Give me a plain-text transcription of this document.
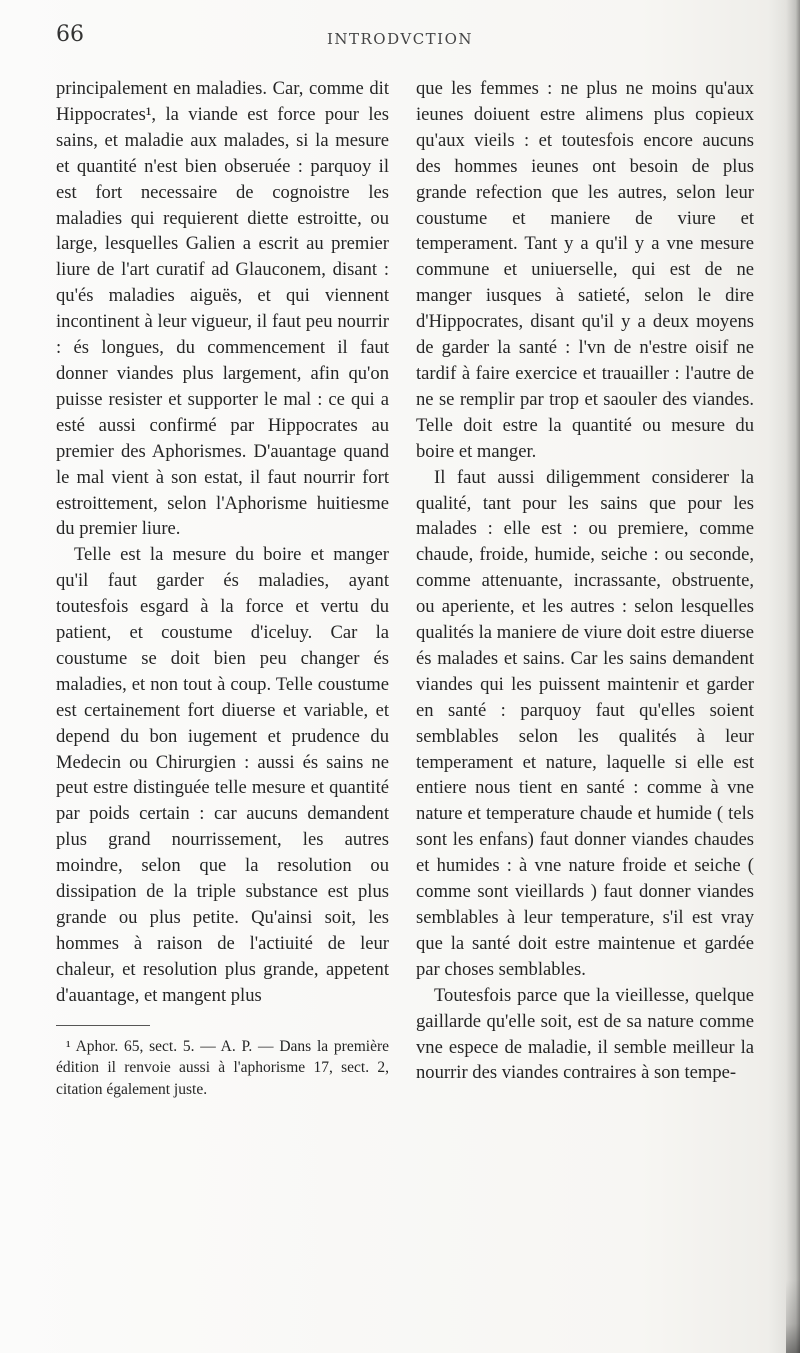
66	INTRODVCTION

principalement en maladies. Car, comme dit Hippocrates¹, la viande est force pour les sains, et maladie aux malades, si la mesure et quantité n'est bien obseruée : parquoy il est fort necessaire de cognoistre les maladies qui requierent diette estroitte, ou large, lesquelles Galien a escrit au premier liure de l'art curatif ad Glauconem, disant : qu'és maladies aiguës, et qui viennent incontinent à leur vigueur, il faut peu nourrir : és longues, du commencement il faut donner viandes plus largement, afin qu'on puisse resister et supporter le mal : ce qui a esté aussi confirmé par Hippocrates au premier des Aphorismes. D'auantage quand le mal vient à son estat, il faut nourrir fort estroittement, selon l'Aphorisme huitiesme du premier liure.

Telle est la mesure du boire et manger qu'il faut garder és maladies, ayant toutesfois esgard à la force et vertu du patient, et coustume d'iceluy. Car la coustume se doit bien peu changer és maladies, et non tout à coup. Telle coustume est certainement fort diuerse et variable, et depend du bon iugement et prudence du Medecin ou Chirurgien : aussi és sains ne peut estre distinguée telle mesure et quantité par poids certain : car aucuns demandent plus grand nourrissement, les autres moindre, selon que la resolution ou dissipation de la triple substance est plus grande ou plus petite. Qu'ainsi soit, les hommes à raison de l'actiuité de leur chaleur, et resolution plus grande, appetent d'auantage, et mangent plus

¹ Aphor. 65, sect. 5. — A. P. — Dans la première édition il renvoie aussi à l'aphorisme 17, sect. 2, citation également juste.

que les femmes : ne plus ne moins qu'aux ieunes doiuent estre alimens plus copieux qu'aux vieils : et toutesfois encore aucuns des hommes ieunes ont besoin de plus grande refection que les autres, selon leur coustume et maniere de viure et temperament. Tant y a qu'il y a vne mesure commune et uniuerselle, qui est de ne manger iusques à satieté, selon le dire d'Hippocrates, disant qu'il y a deux moyens de garder la santé : l'vn de n'estre oisif ne tardif à faire exercice et trauailler : l'autre de ne se remplir par trop et saouler des viandes. Telle doit estre la quantité ou mesure du boire et manger.

Il faut aussi diligemment considerer la qualité, tant pour les sains que pour les malades : elle est : ou premiere, comme chaude, froide, humide, seiche : ou seconde, comme attenuante, incrassante, obstruente, ou aperiente, et les autres : selon lesquelles qualités la maniere de viure doit estre diuerse és malades et sains. Car les sains demandent viandes qui les puissent maintenir et garder en santé : parquoy faut qu'elles soient semblables selon les qualités à leur temperament et nature, laquelle si elle est entiere nous tient en santé : comme à vne nature et temperature chaude et humide ( tels sont les enfans) faut donner viandes chaudes et humides : à vne nature froide et seiche ( comme sont vieillards ) faut donner viandes semblables à leur temperature, s'il est vray que la santé doit estre maintenue et gardée par choses semblables.

Toutesfois parce que la vieillesse, quelque gaillarde qu'elle soit, est de sa nature comme vne espece de maladie, il semble meilleur la nourrir des viandes contraires à son tempe-
